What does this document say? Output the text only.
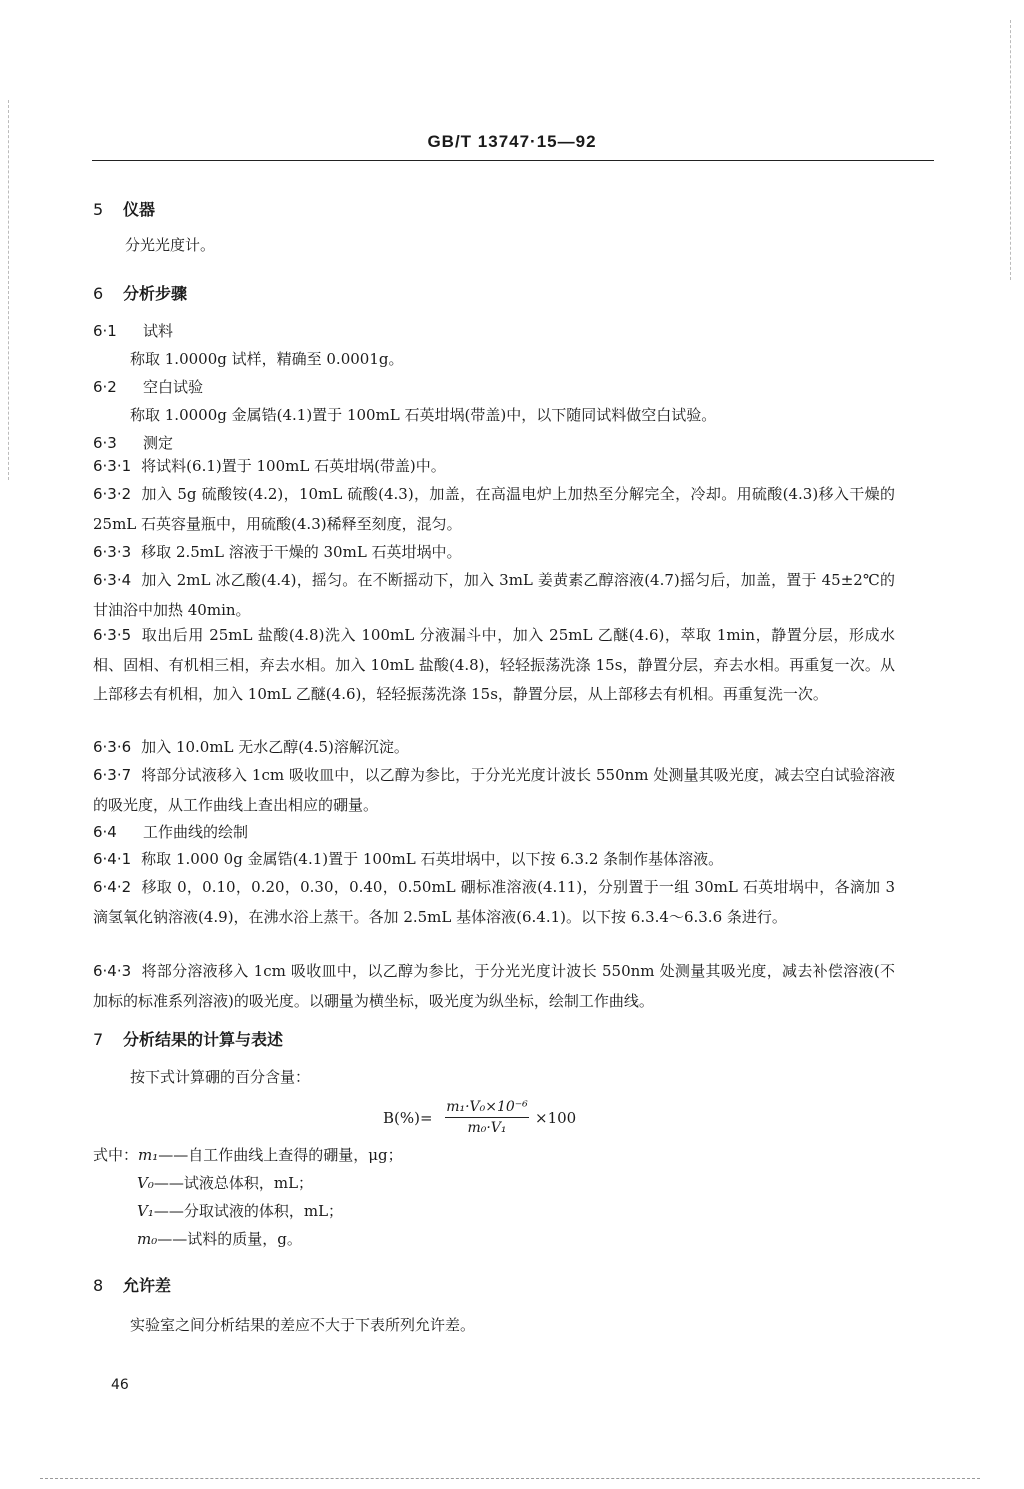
GB/T 13747·15—92
5 仪器
分光光度计。
6 分析步骤
6·1 试料
称取 1.0000g 试样，精确至 0.0001g。
6·2 空白试验
称取 1.0000g 金属锆(4.1)置于 100mL 石英坩埚(带盖)中，以下随同试料做空白试验。
6·3 测定
6·3·1 将试料(6.1)置于 100mL 石英坩埚(带盖)中。
6·3·2 加入 5g 硫酸铵(4.2)，10mL 硫酸(4.3)，加盖，在高温电炉上加热至分解完全，冷却。用硫酸(4.3)移入干燥的 25mL 石英容量瓶中，用硫酸(4.3)稀释至刻度，混匀。
6·3·3 移取 2.5mL 溶液于干燥的 30mL 石英坩埚中。
6·3·4 加入 2mL 冰乙酸(4.4)，摇匀。在不断摇动下，加入 3mL 姜黄素乙醇溶液(4.7)摇匀后，加盖，置于 45±2℃的甘油浴中加热 40min。
6·3·5 取出后用 25mL 盐酸(4.8)洗入 100mL 分液漏斗中，加入 25mL 乙醚(4.6)，萃取 1min，静置分层，形成水相、固相、有机相三相，弃去水相。加入 10mL 盐酸(4.8)，轻轻振荡洗涤 15s，静置分层，弃去水相。再重复一次。从上部移去有机相，加入 10mL 乙醚(4.6)，轻轻振荡洗涤 15s，静置分层，从上部移去有机相。再重复洗一次。
6·3·6 加入 10.0mL 无水乙醇(4.5)溶解沉淀。
6·3·7 将部分试液移入 1cm 吸收皿中，以乙醇为参比，于分光光度计波长 550nm 处测量其吸光度，减去空白试验溶液的吸光度，从工作曲线上查出相应的硼量。
6·4 工作曲线的绘制
6·4·1 称取 1.000 0g 金属锆(4.1)置于 100mL 石英坩埚中，以下按 6.3.2 条制作基体溶液。
6·4·2 移取 0，0.10，0.20，0.30，0.40，0.50mL 硼标准溶液(4.11)，分别置于一组 30mL 石英坩埚中，各滴加 3 滴氢氧化钠溶液(4.9)，在沸水浴上蒸干。各加 2.5mL 基体溶液(6.4.1)。以下按 6.3.4～6.3.6 条进行。
6·4·3 将部分溶液移入 1cm 吸收皿中，以乙醇为参比，于分光光度计波长 550nm 处测量其吸光度，减去补偿溶液(不加标的标准系列溶液)的吸光度。以硼量为横坐标，吸光度为纵坐标，绘制工作曲线。
7 分析结果的计算与表述
按下式计算硼的百分含量：
B(%)=
m₁·V₀×10⁻⁶
m₀·V₁
×100
式中：m₁——自工作曲线上查得的硼量，μg；
V₀——试液总体积，mL；
V₁——分取试液的体积，mL；
m₀——试料的质量，g。
8 允许差
实验室之间分析结果的差应不大于下表所列允许差。
46
